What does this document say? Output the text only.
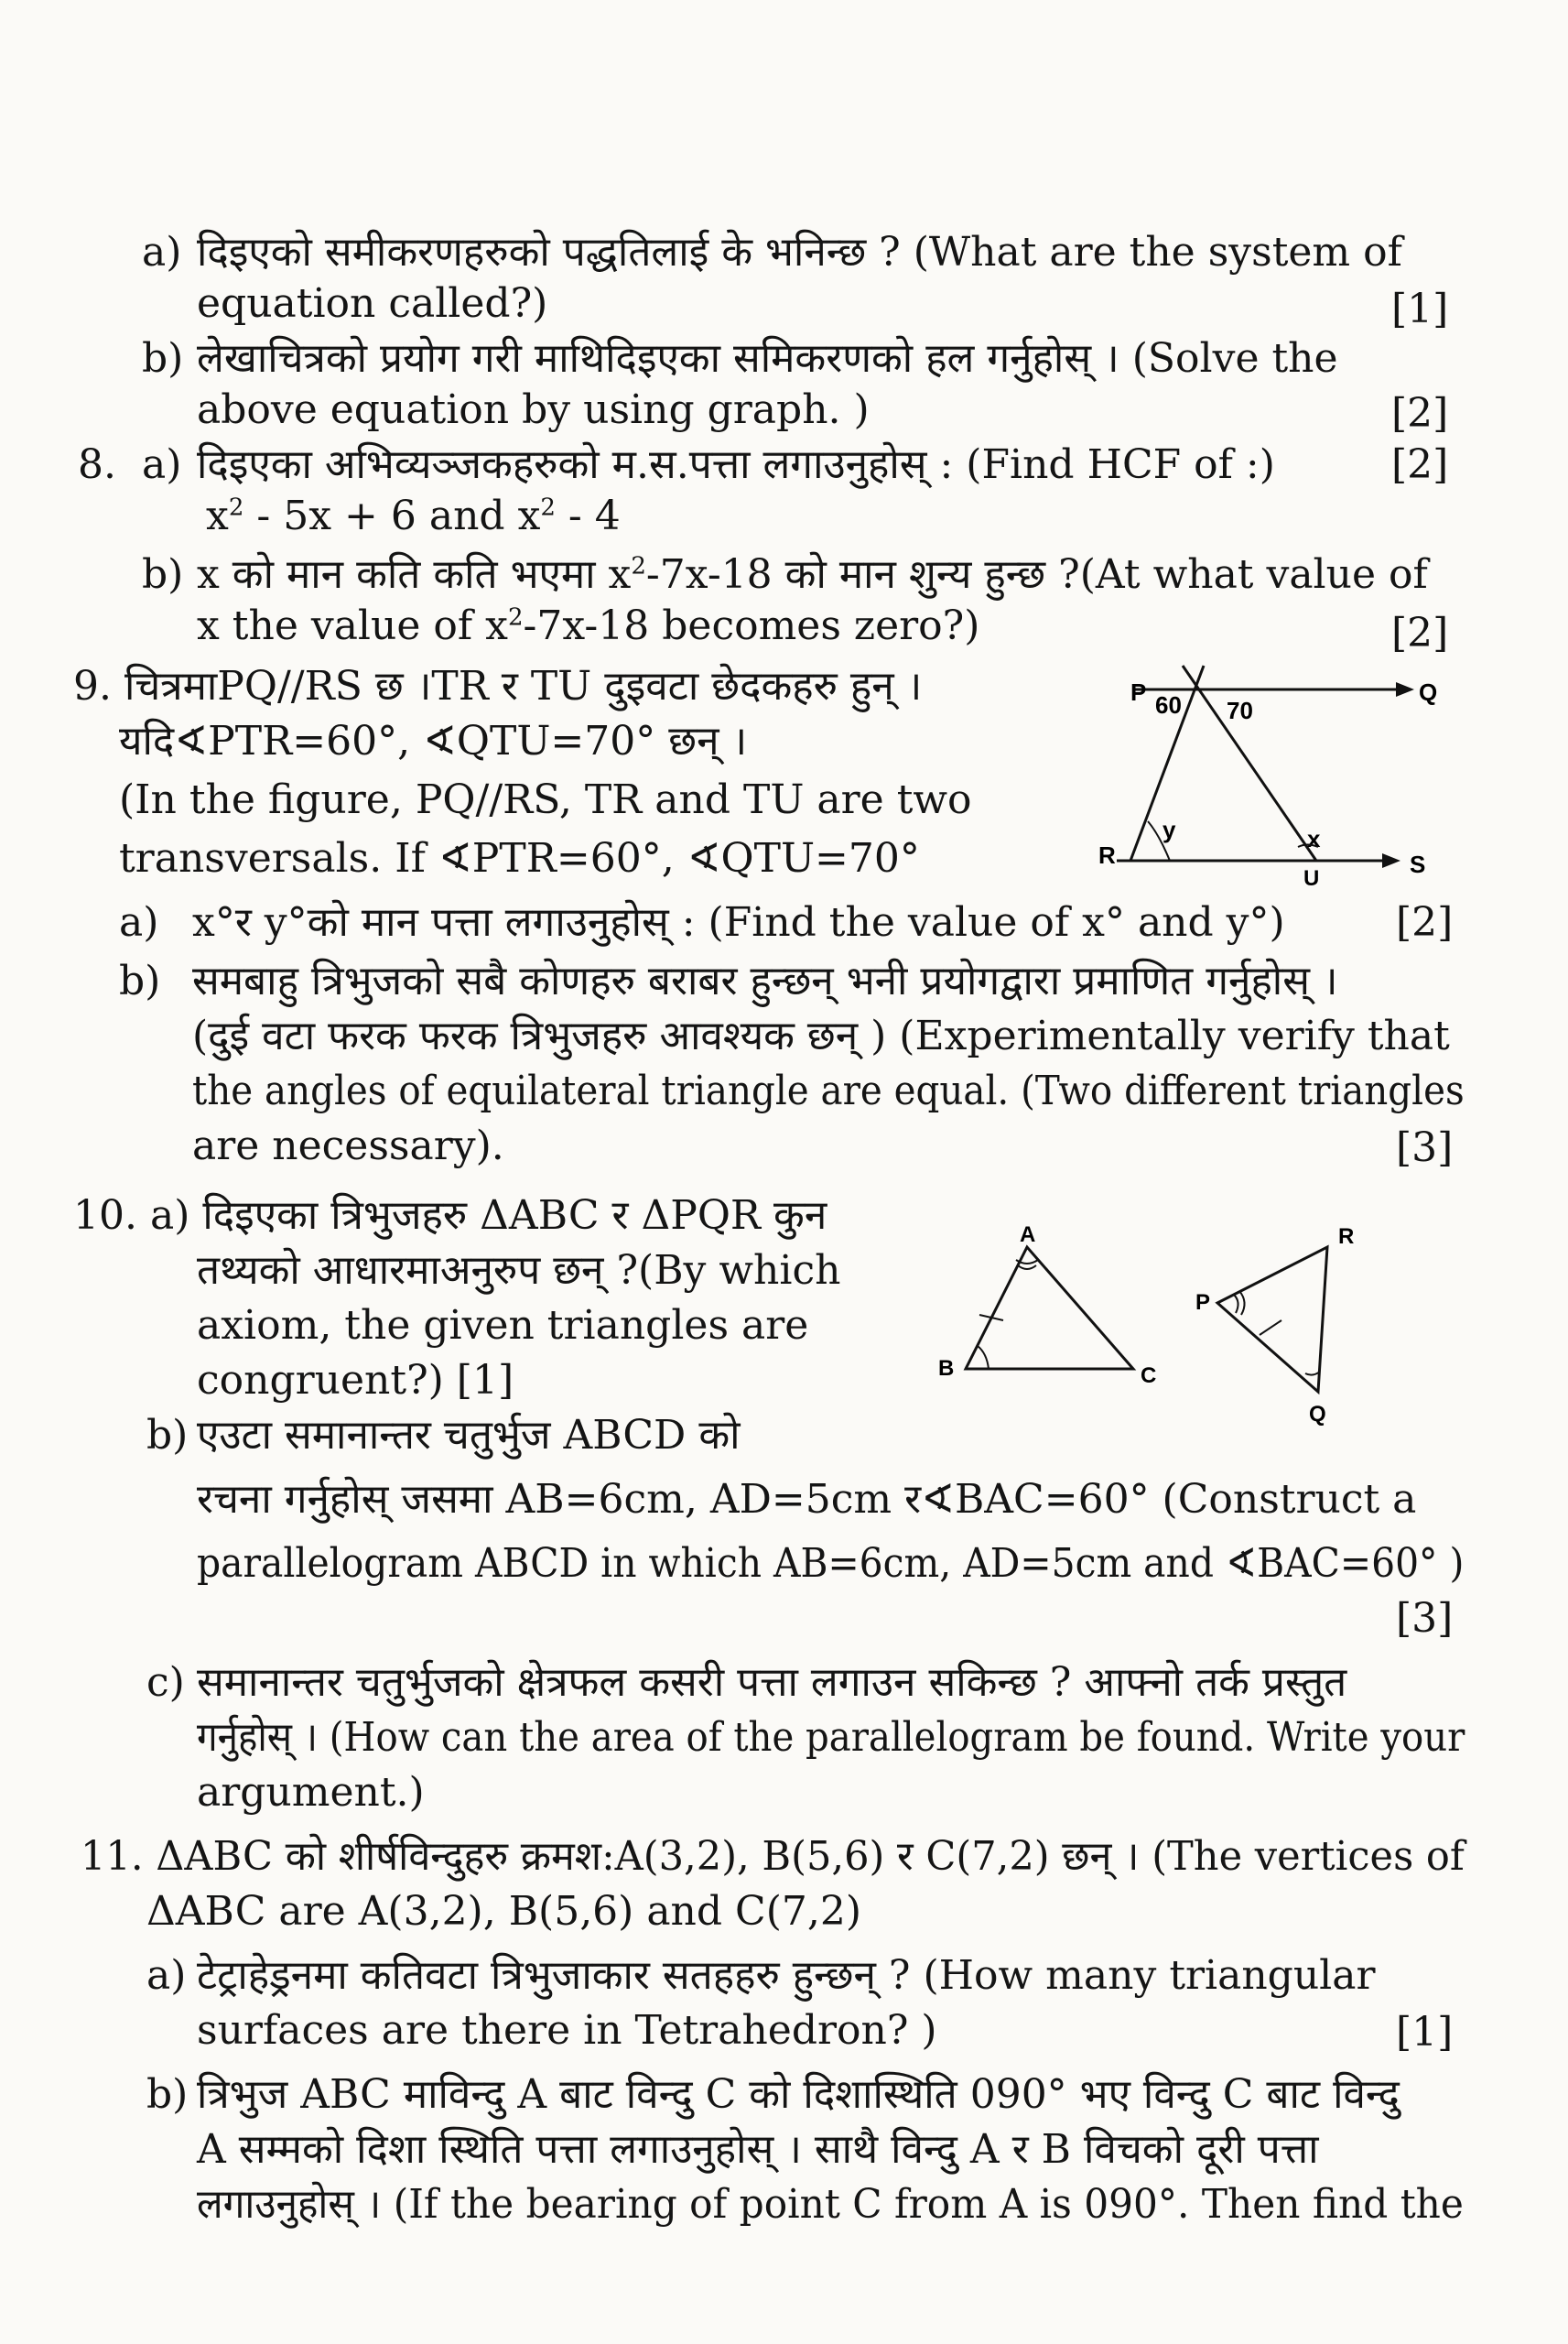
a) दिइएको समीकरणहरुको पद्धतिलाई के भनिन्छ ? (What are the system of
equation called?)	[1]
b) लेखाचित्रको प्रयोग गरी माथिदिइएका समिकरणको हल गर्नुहोस् । (Solve the
above equation by using graph. )	[2]
8. a) दिइएका अभिव्यञ्जकहरुको म.स.पत्ता लगाउनुहोस् : (Find HCF of :)	[2]
$x^2 - 5x + 6$ and $x^2 - 4$
b) x को मान कति कति भएमा $x^2-7x-18$ को मान शुन्य हुन्छ ?(At what value of
x the value of $x^2-7x-18$ becomes zero?)	[2]
9. चित्रमाPQ//RS छ ।TR र TU दुइवटा छेदकहरु हुन् ।
यदि∢PTR=60°, ∢QTU=70° छन् ।
(In the figure, PQ//RS, TR and TU are two
transversals. If ∢PTR=60°, ∢QTU=70°
P	Q
R	S
U
60 70
x
y
a) x°र y°को मान पत्ता लगाउनुहोस् : (Find the value of x° and y°)	[2]
b) समबाहु त्रिभुजको सबै कोणहरु बराबर हुन्छन् भनी प्रयोगद्वारा प्रमाणित गर्नुहोस् ।
(दुई वटा फरक फरक त्रिभुजहरु आवश्यक छन् ) (Experimentally verify that
the angles of equilateral triangle are equal. (Two different triangles
are necessary).	[3]
10. a) दिइएका त्रिभुजहरु ΔABC र ΔPQR कुन
तथ्यको आधारमाअनुरुप छन् ?(By which
axiom, the given triangles are
congruent?) [1]
A
B	C
P
Q
R
b) एउटा समानान्तर चतुर्भुज ABCD को
रचना गर्नुहोस् जसमा AB=6cm, AD=5cm र∢BAC=60° (Construct a
parallelogram ABCD in which AB=6cm, AD=5cm and ∢BAC=60° )
[3]
c) समानान्तर चतुर्भुजको क्षेत्रफल कसरी पत्ता लगाउन सकिन्छ ? आफ्नो तर्क प्रस्तुत
गर्नुहोस् । (How can the area of the parallelogram be found. Write your
argument.)
11. ΔABC को शीर्षविन्दुहरु क्रमश:A(3,2), B(5,6) र C(7,2) छन् । (The vertices of
ΔABC are A(3,2), B(5,6) and C(7,2)
a) टेट्राहेड्रनमा कतिवटा त्रिभुजाकार सतहहरु हुन्छन् ? (How many triangular
surfaces are there in Tetrahedron? )	[1]
b) त्रिभुज ABC माविन्दु A बाट विन्दु C को दिशास्थिति 090° भए विन्दु C बाट विन्दु
A सम्मको दिशा स्थिति पत्ता लगाउनुहोस् । साथै विन्दु A र B विचको दूरी पत्ता
लगाउनुहोस् । (If the bearing of point C from A is 090°. Then find the
